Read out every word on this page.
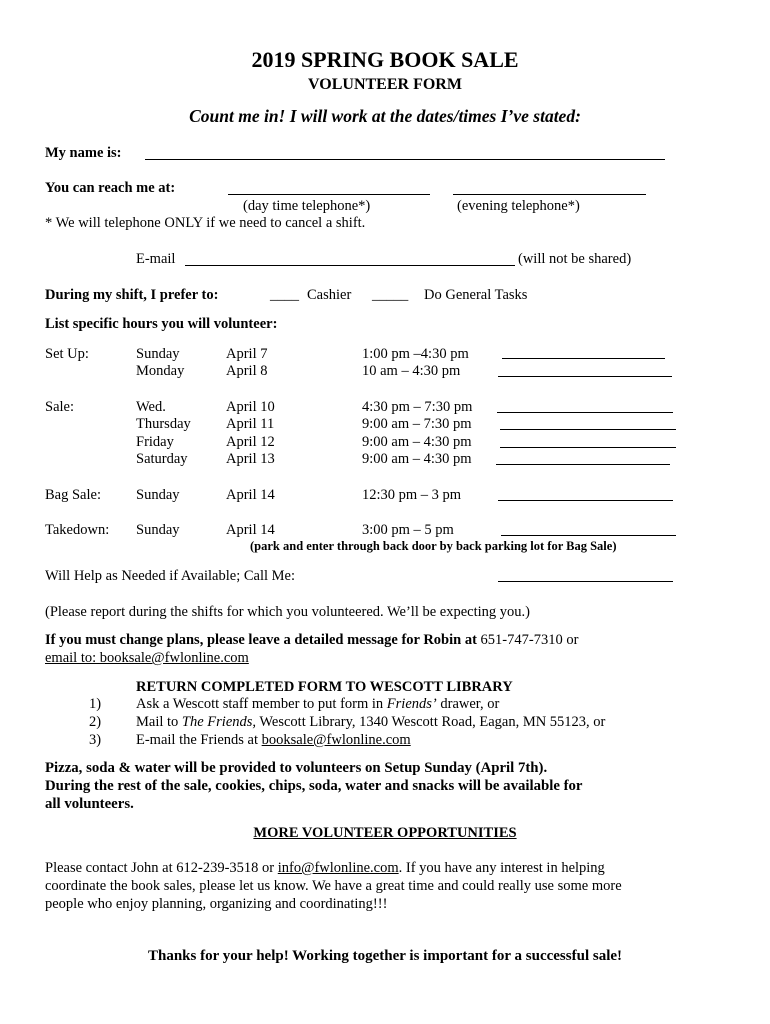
2019 SPRING BOOK SALE
VOLUNTEER FORM
Count me in! I will work at the dates/times I’ve stated:
My name is:
You can reach me at:
(day time telephone*)	(evening telephone*)
* We will telephone ONLY if we need to cancel a shift.
E-mail	(will not be shared)
During my shift, I prefer to:	____ Cashier _____ Do General Tasks
List specific hours you will volunteer:
Set Up:	Sunday	April 7	1:00 pm –4:30 pm
Monday	April 8	10 am – 4:30 pm
Sale:	Wed.	April 10	4:30 pm – 7:30 pm
Thursday April 11	9:00 am – 7:30 pm
Friday	April 12	9:00 am – 4:30 pm
Saturday	April 13	9:00 am – 4:30 pm
Bag Sale: Sunday	April 14	12:30 pm – 3 pm
Takedown: Sunday	April 14	3:00 pm – 5 pm
(park and enter through back door by back parking lot for Bag Sale)
Will Help as Needed if Available; Call Me:
(Please report during the shifts for which you volunteered. We’ll be expecting you.)
If you must change plans, please leave a detailed message for Robin at 651-747-7310 or
email to: booksale@fwlonline.com
RETURN COMPLETED FORM TO WESCOTT LIBRARY
1) Ask a Wescott staff member to put form in Friends’ drawer, or
2) Mail to The Friends, Wescott Library, 1340 Wescott Road, Eagan, MN 55123, or
3) E-mail the Friends at booksale@fwlonline.com
Pizza, soda & water will be provided to volunteers on Setup Sunday (April 7th).
During the rest of the sale, cookies, chips, soda, water and snacks will be available for
all volunteers.
MORE VOLUNTEER OPPORTUNITIES
Please contact John at 612-239-3518 or info@fwlonline.com. If you have any interest in helping
coordinate the book sales, please let us know. We have a great time and could really use some more
people who enjoy planning, organizing and coordinating!!!
Thanks for your help! Working together is important for a successful sale!
